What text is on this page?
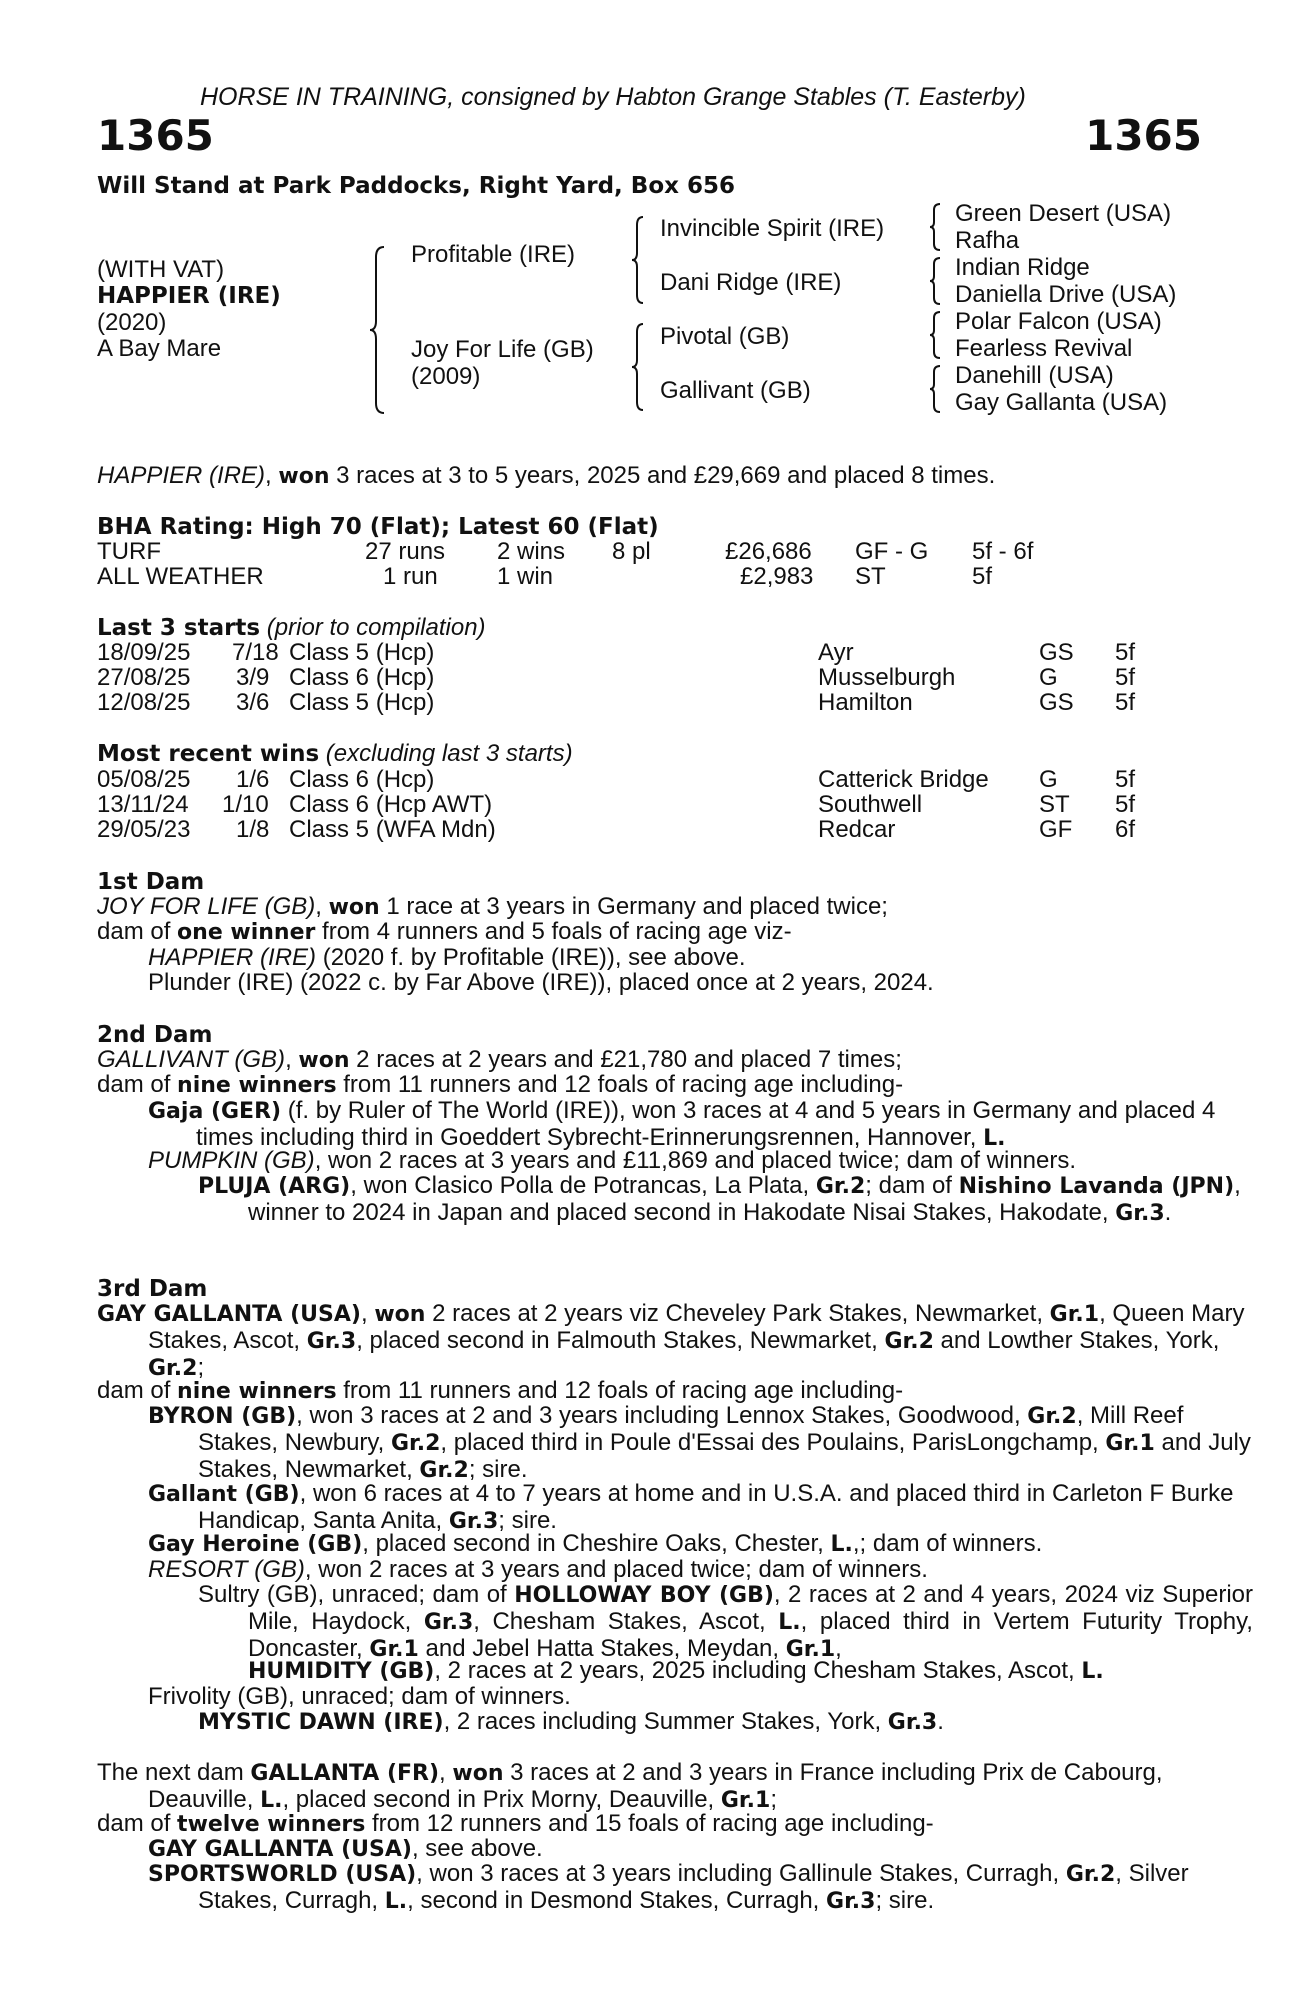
HORSE IN TRAINING, consigned by Habton Grange Stables (T. Easterby)
1365	1365
Will Stand at Park Paddocks, Right Yard, Box 656
(WITH VAT)
HAPPIER (IRE)
(2020)
A Bay Mare
Profitable (IRE)
Joy For Life (GB)
(2009)
Invincible Spirit (IRE)
Dani Ridge (IRE)
Pivotal (GB)
Gallivant (GB)
Green Desert (USA)
Rafha
Indian Ridge
Daniella Drive (USA)
Polar Falcon (USA)
Fearless Revival
Danehill (USA)
Gay Gallanta (USA)
HAPPIER (IRE), won 3 races at 3 to 5 years, 2025 and £29,669 and placed 8 times.
BHA Rating: High 70 (Flat); Latest 60 (Flat)
TURF	27 runs 2 wins 8 pl	£26,686 GF - G 5f - 6f
ALL WEATHER	1 run 1 win	£2,983 ST	5f
Last 3 starts (prior to compilation)
18/09/25 7/18 Class 5 (Hcp)	Ayr	GS 5f
27/08/25 3/9 Class 6 (Hcp)	Musselburgh	G 5f
12/08/25 3/6 Class 5 (Hcp)	Hamilton	GS 5f
Most recent wins (excluding last 3 starts)
05/08/25 1/6 Class 6 (Hcp)	Catterick Bridge G 5f
13/11/24 1/10 Class 6 (Hcp AWT)	Southwell	ST 5f
29/05/23 1/8 Class 5 (WFA Mdn)	Redcar	GF 6f
1st Dam
JOY FOR LIFE (GB), won 1 race at 3 years in Germany and placed twice;
dam of one winner from 4 runners and 5 foals of racing age viz-
HAPPIER (IRE) (2020 f. by Profitable (IRE)), see above.
Plunder (IRE) (2022 c. by Far Above (IRE)), placed once at 2 years, 2024.
2nd Dam
GALLIVANT (GB), won 2 races at 2 years and £21,780 and placed 7 times;
dam of nine winners from 11 runners and 12 foals of racing age including-
Gaja (GER) (f. by Ruler of The World (IRE)), won 3 races at 4 and 5 years in Germany and placed 4 times including third in Goeddert Sybrecht-Erinnerungsrennen, Hannover, L.
PUMPKIN (GB), won 2 races at 3 years and £11,869 and placed twice; dam of winners.
PLUJA (ARG), won Clasico Polla de Potrancas, La Plata, Gr.2; dam of Nishino Lavanda (JPN), winner to 2024 in Japan and placed second in Hakodate Nisai Stakes, Hakodate, Gr.3.
3rd Dam
GAY GALLANTA (USA), won 2 races at 2 years viz Cheveley Park Stakes, Newmarket, Gr.1, Queen Mary Stakes, Ascot, Gr.3, placed second in Falmouth Stakes, Newmarket, Gr.2 and Lowther Stakes, York, Gr.2;
dam of nine winners from 11 runners and 12 foals of racing age including-
BYRON (GB), won 3 races at 2 and 3 years including Lennox Stakes, Goodwood, Gr.2, Mill Reef Stakes, Newbury, Gr.2, placed third in Poule d'Essai des Poulains, ParisLongchamp, Gr.1 and July Stakes, Newmarket, Gr.2; sire.
Gallant (GB), won 6 races at 4 to 7 years at home and in U.S.A. and placed third in Carleton F Burke Handicap, Santa Anita, Gr.3; sire.
Gay Heroine (GB), placed second in Cheshire Oaks, Chester, L.,; dam of winners.
RESORT (GB), won 2 races at 3 years and placed twice; dam of winners.
Sultry (GB), unraced; dam of HOLLOWAY BOY (GB), 2 races at 2 and 4 years, 2024 viz Superior Mile, Haydock, Gr.3, Chesham Stakes, Ascot, L., placed third in Vertem Futurity Trophy, Doncaster, Gr.1 and Jebel Hatta Stakes, Meydan, Gr.1,
HUMIDITY (GB), 2 races at 2 years, 2025 including Chesham Stakes, Ascot, L.
Frivolity (GB), unraced; dam of winners.
MYSTIC DAWN (IRE), 2 races including Summer Stakes, York, Gr.3.
The next dam GALLANTA (FR), won 3 races at 2 and 3 years in France including Prix de Cabourg, Deauville, L., placed second in Prix Morny, Deauville, Gr.1;
dam of twelve winners from 12 runners and 15 foals of racing age including-
GAY GALLANTA (USA), see above.
SPORTSWORLD (USA), won 3 races at 3 years including Gallinule Stakes, Curragh, Gr.2, Silver Stakes, Curragh, L., second in Desmond Stakes, Curragh, Gr.3; sire.
